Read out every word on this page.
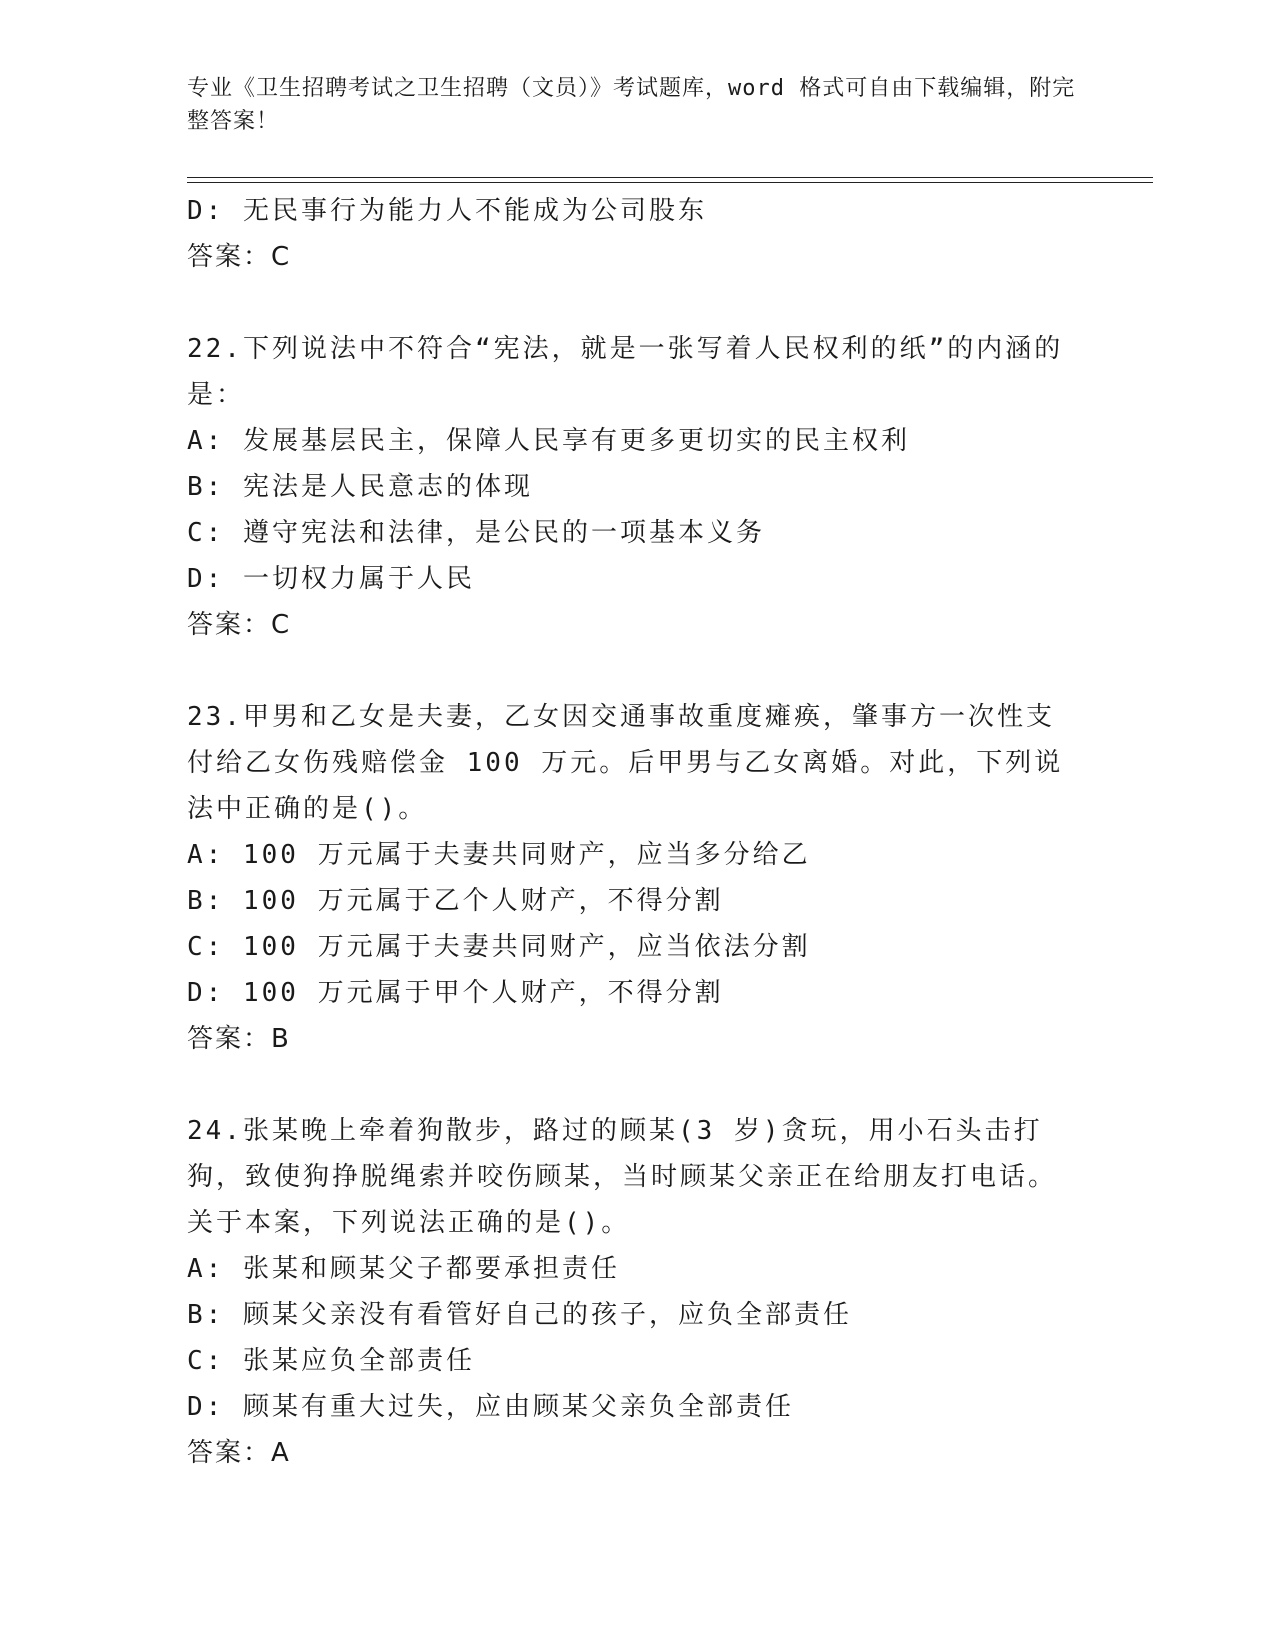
专业《卫生招聘考试之卫生招聘（文员）》考试题库，word 格式可自由下载编辑，附完整答案！
D: 无民事行为能力人不能成为公司股东
答案：C
22.下列说法中不符合“宪法，就是一张写着人民权利的纸”的内涵的是：
A: 发展基层民主，保障人民享有更多更切实的民主权利
B: 宪法是人民意志的体现
C: 遵守宪法和法律，是公民的一项基本义务
D: 一切权力属于人民
答案：C
23.甲男和乙女是夫妻，乙女因交通事故重度瘫痪，肇事方一次性支付给乙女伤残赔偿金 100 万元。后甲男与乙女离婚。对此，下列说法中正确的是()。
A: 100 万元属于夫妻共同财产，应当多分给乙
B: 100 万元属于乙个人财产，不得分割
C: 100 万元属于夫妻共同财产，应当依法分割
D: 100 万元属于甲个人财产，不得分割
答案：B
24.张某晚上牵着狗散步，路过的顾某(3 岁)贪玩，用小石头击打狗，致使狗挣脱绳索并咬伤顾某，当时顾某父亲正在给朋友打电话。关于本案，下列说法正确的是()。
A: 张某和顾某父子都要承担责任
B: 顾某父亲没有看管好自己的孩子，应负全部责任
C: 张某应负全部责任
D: 顾某有重大过失，应由顾某父亲负全部责任
答案：A
